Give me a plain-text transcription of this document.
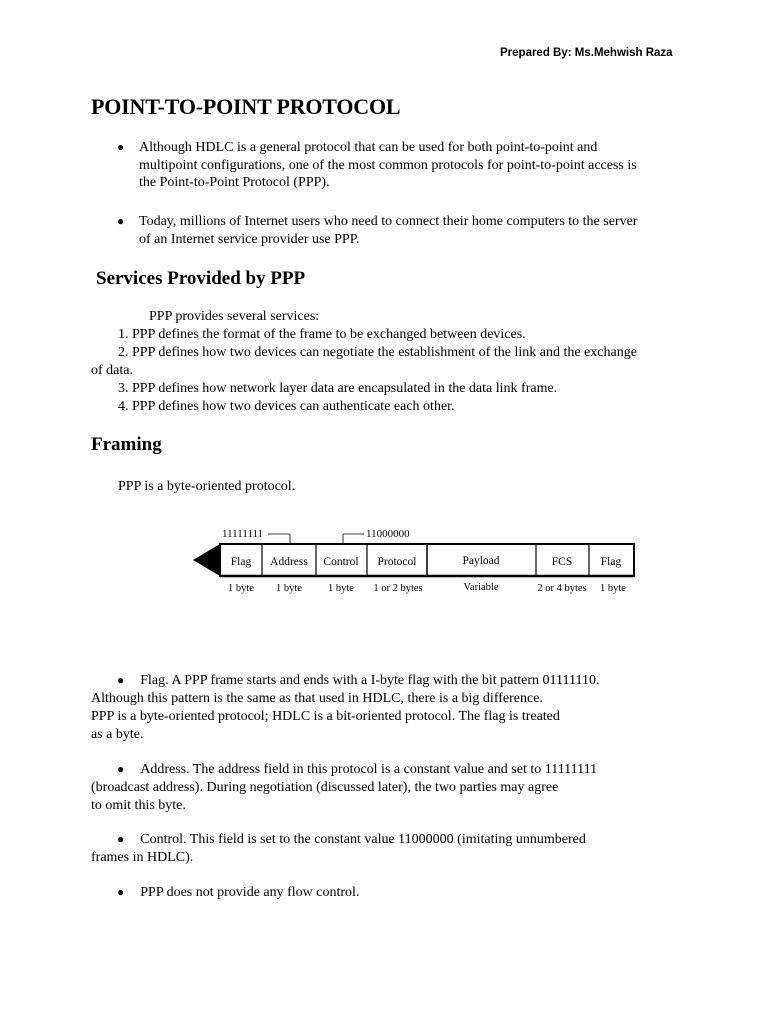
Prepared By: Ms.Mehwish Raza
POINT-TO-POINT PROTOCOL
● Although HDLC is a general protocol that can be used for both point-to-point and
multipoint configurations, one of the most common protocols for point-to-point access is
the Point-to-Point Protocol (PPP).
● Today, millions of Internet users who need to connect their home computers to the server
of an Internet service provider use PPP.
Services Provided by PPP
PPP provides several services:
1. PPP defines the format of the frame to be exchanged between devices.
2. PPP defines how two devices can negotiate the establishment of the link and the exchange
of data.
3. PPP defines how network layer data are encapsulated in the data link frame.
4. PPP defines how two devices can authenticate each other.
Framing
PPP is a byte-oriented protocol.
11111111	11000000
Flag Address Control Protocol	Payload	FCS Flag
1 byte 1 byte 1 byte 1 or 2 bytes	Variable	2 or 4 bytes 1 byte
● Flag. A PPP frame starts and ends with a I-byte flag with the bit pattern 01111110.
Although this pattern is the same as that used in HDLC, there is a big difference.
PPP is a byte-oriented protocol; HDLC is a bit-oriented protocol. The flag is treated
as a byte.
● Address. The address field in this protocol is a constant value and set to 11111111
(broadcast address). During negotiation (discussed later), the two parties may agree
to omit this byte.
● Control. This field is set to the constant value 11000000 (imitating unnumbered
frames in HDLC).
● PPP does not provide any flow control.
